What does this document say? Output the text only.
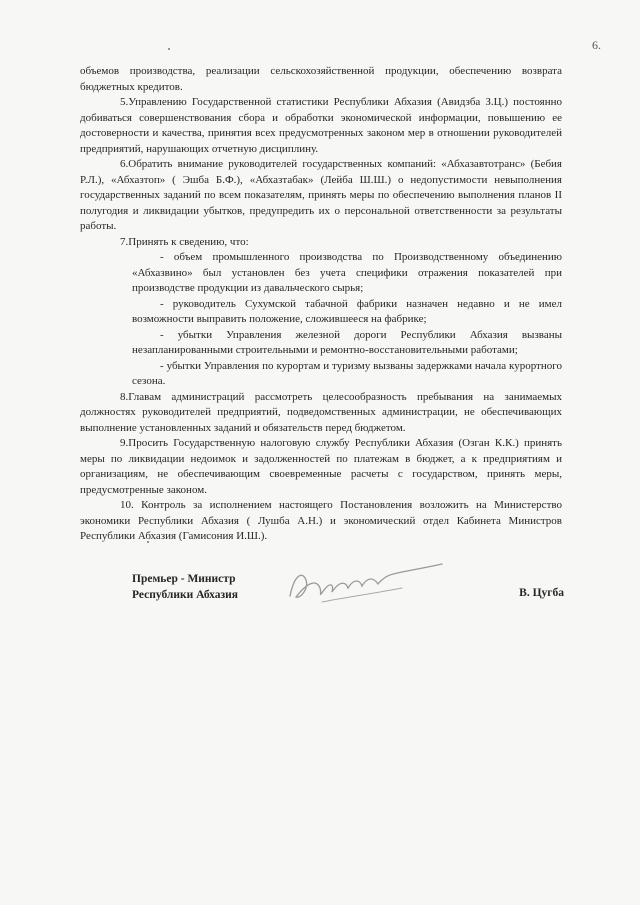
6.

объемов производства, реализации сельскохозяйственной продукции, обеспечению возврата бюджетных кредитов.

5.Управлению Государственной статистики Республики Абхазия (Авидзба З.Ц.) постоянно добиваться совершенствования сбора и обработки экономической информации, повышению ее достоверности и качества, принятия всех предусмотренных законом мер в отношении руководителей предприятий, нарушающих отчетную дисциплину.

6.Обратить внимание руководителей государственных компаний: «Абхазавтотранс» (Бебия Р.Л.), «Абхазтоп» ( Эшба Б.Ф.), «Абхазтабак» (Лейба Ш.Ш.) о недопустимости невыполнения государственных заданий по всем показателям, принять меры по обеспечению выполнения планов II полугодия и ликвидации убытков, предупредить их о персональной ответственности за результаты работы.

7.Принять к сведению, что:

- объем промышленного производства по Производственному объединению «Абхазвино» был установлен без учета специфики отражения показателей при производстве продукции из давальческого сырья;

- руководитель Сухумской табачной фабрики назначен недавно и не имел возможности выправить положение, сложившееся на фабрике;

- убытки Управления железной дороги Республики Абхазия вызваны незапланированными строительными и ремонтно-восстановительными работами;

- убытки Управления по курортам и туризму вызваны задержками начала курортного сезона.

8.Главам администраций рассмотреть целесообразность пребывания на занимаемых должностях руководителей предприятий, подведомственных администрации, не обеспечивающих выполнение установленных заданий и обязательств перед бюджетом.

9.Просить Государственную налоговую службу Республики Абхазия (Озган К.К.) принять меры по ликвидации недоимок и задолженностей по платежам в бюджет, а к предприятиям и организациям, не обеспечивающим своевременные расчеты с государством, принять меры, предусмотренные законом.

10. Контроль за исполнением настоящего Постановления возложить на Министерство экономики Республики Абхазия ( Лушба А.Н.) и экономический отдел Кабинета Министров Республики Абхазия (Гамисония И.Ш.).

Премьер - Министр
Республики Абхазия	В. Цугба
